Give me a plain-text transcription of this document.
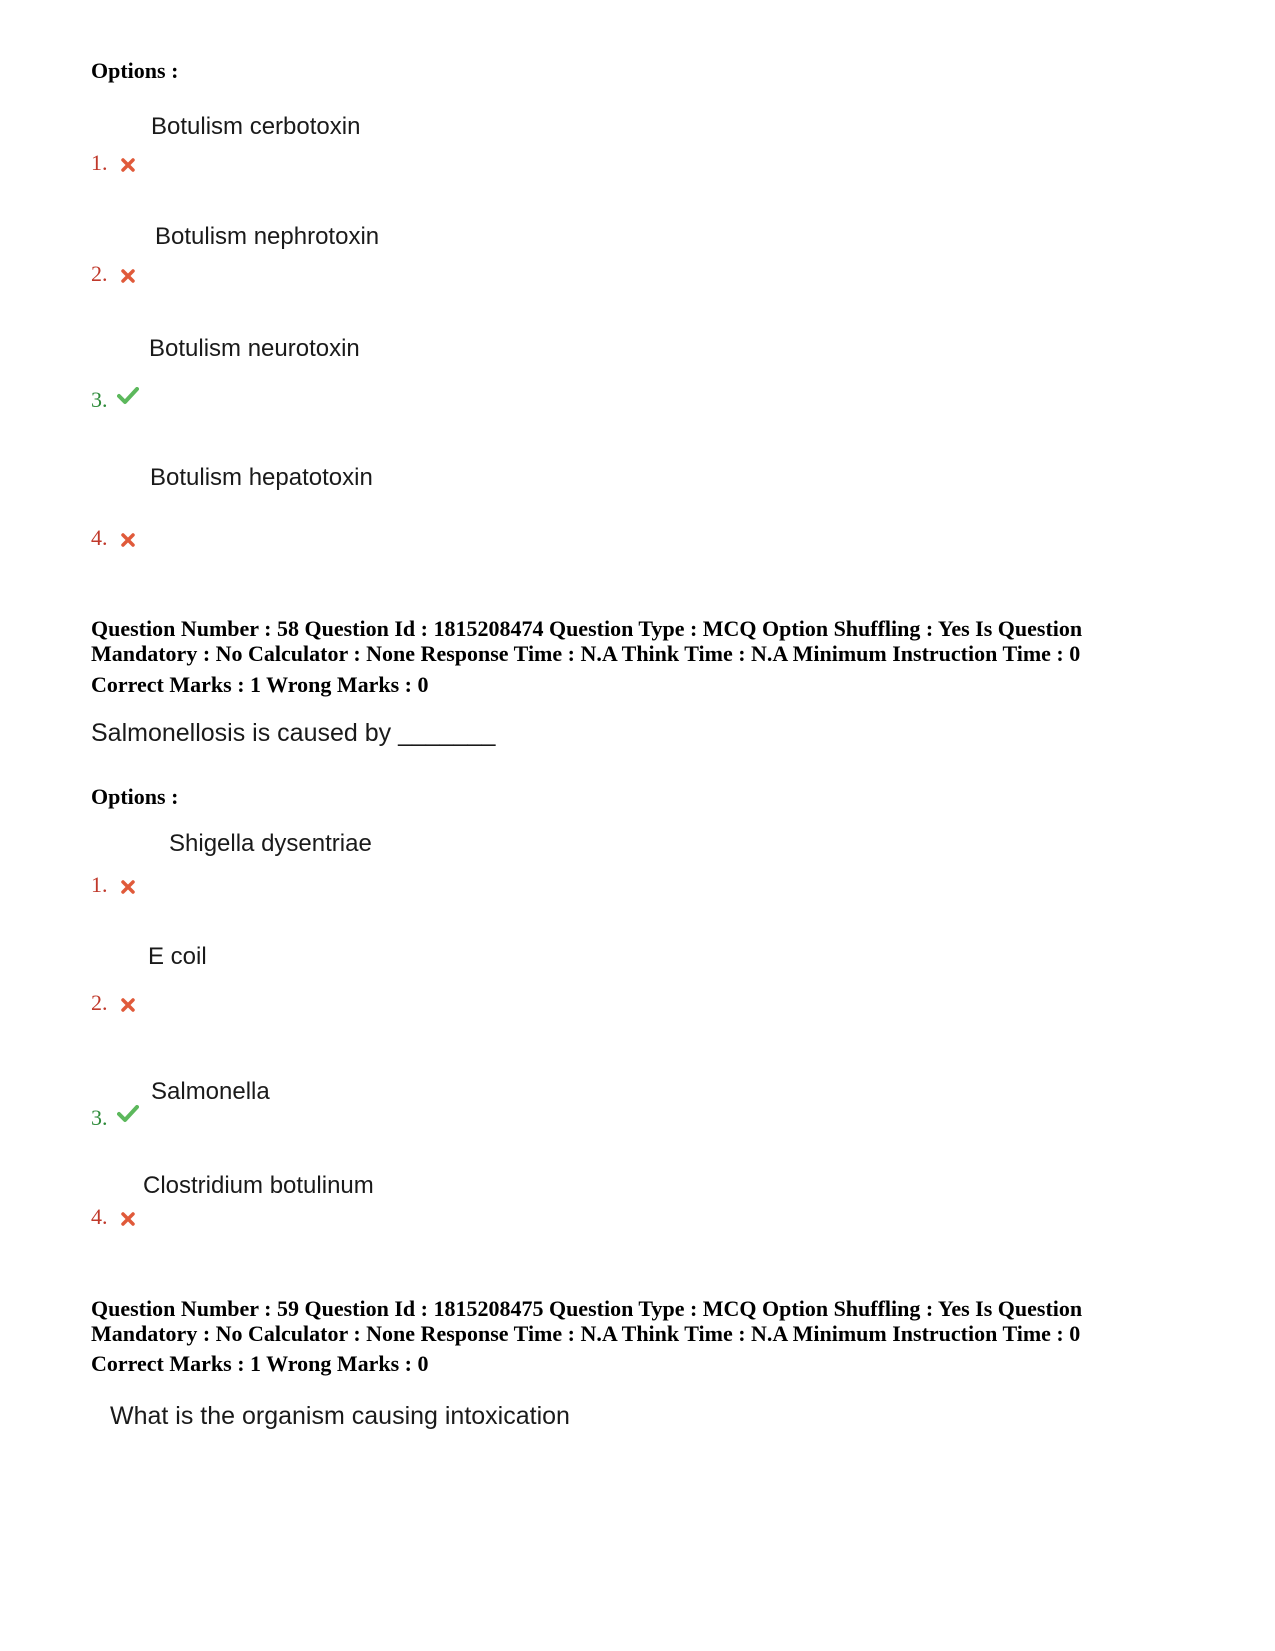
Options :
Botulism cerbotoxin
1.
Botulism nephrotoxin
2.
Botulism neurotoxin
3.
Botulism hepatotoxin
4.
Question Number : 58 Question Id : 1815208474 Question Type : MCQ Option Shuffling : Yes Is Question
Mandatory : No Calculator : None Response Time : N.A Think Time : N.A Minimum Instruction Time : 0
Correct Marks : 1 Wrong Marks : 0
Salmonellosis is caused by _______
Options :
Shigella dysentriae
1.
E coil
2.
Salmonella
3.
Clostridium botulinum
4.
Question Number : 59 Question Id : 1815208475 Question Type : MCQ Option Shuffling : Yes Is Question
Mandatory : No Calculator : None Response Time : N.A Think Time : N.A Minimum Instruction Time : 0
Correct Marks : 1 Wrong Marks : 0
What is the organism causing intoxication
